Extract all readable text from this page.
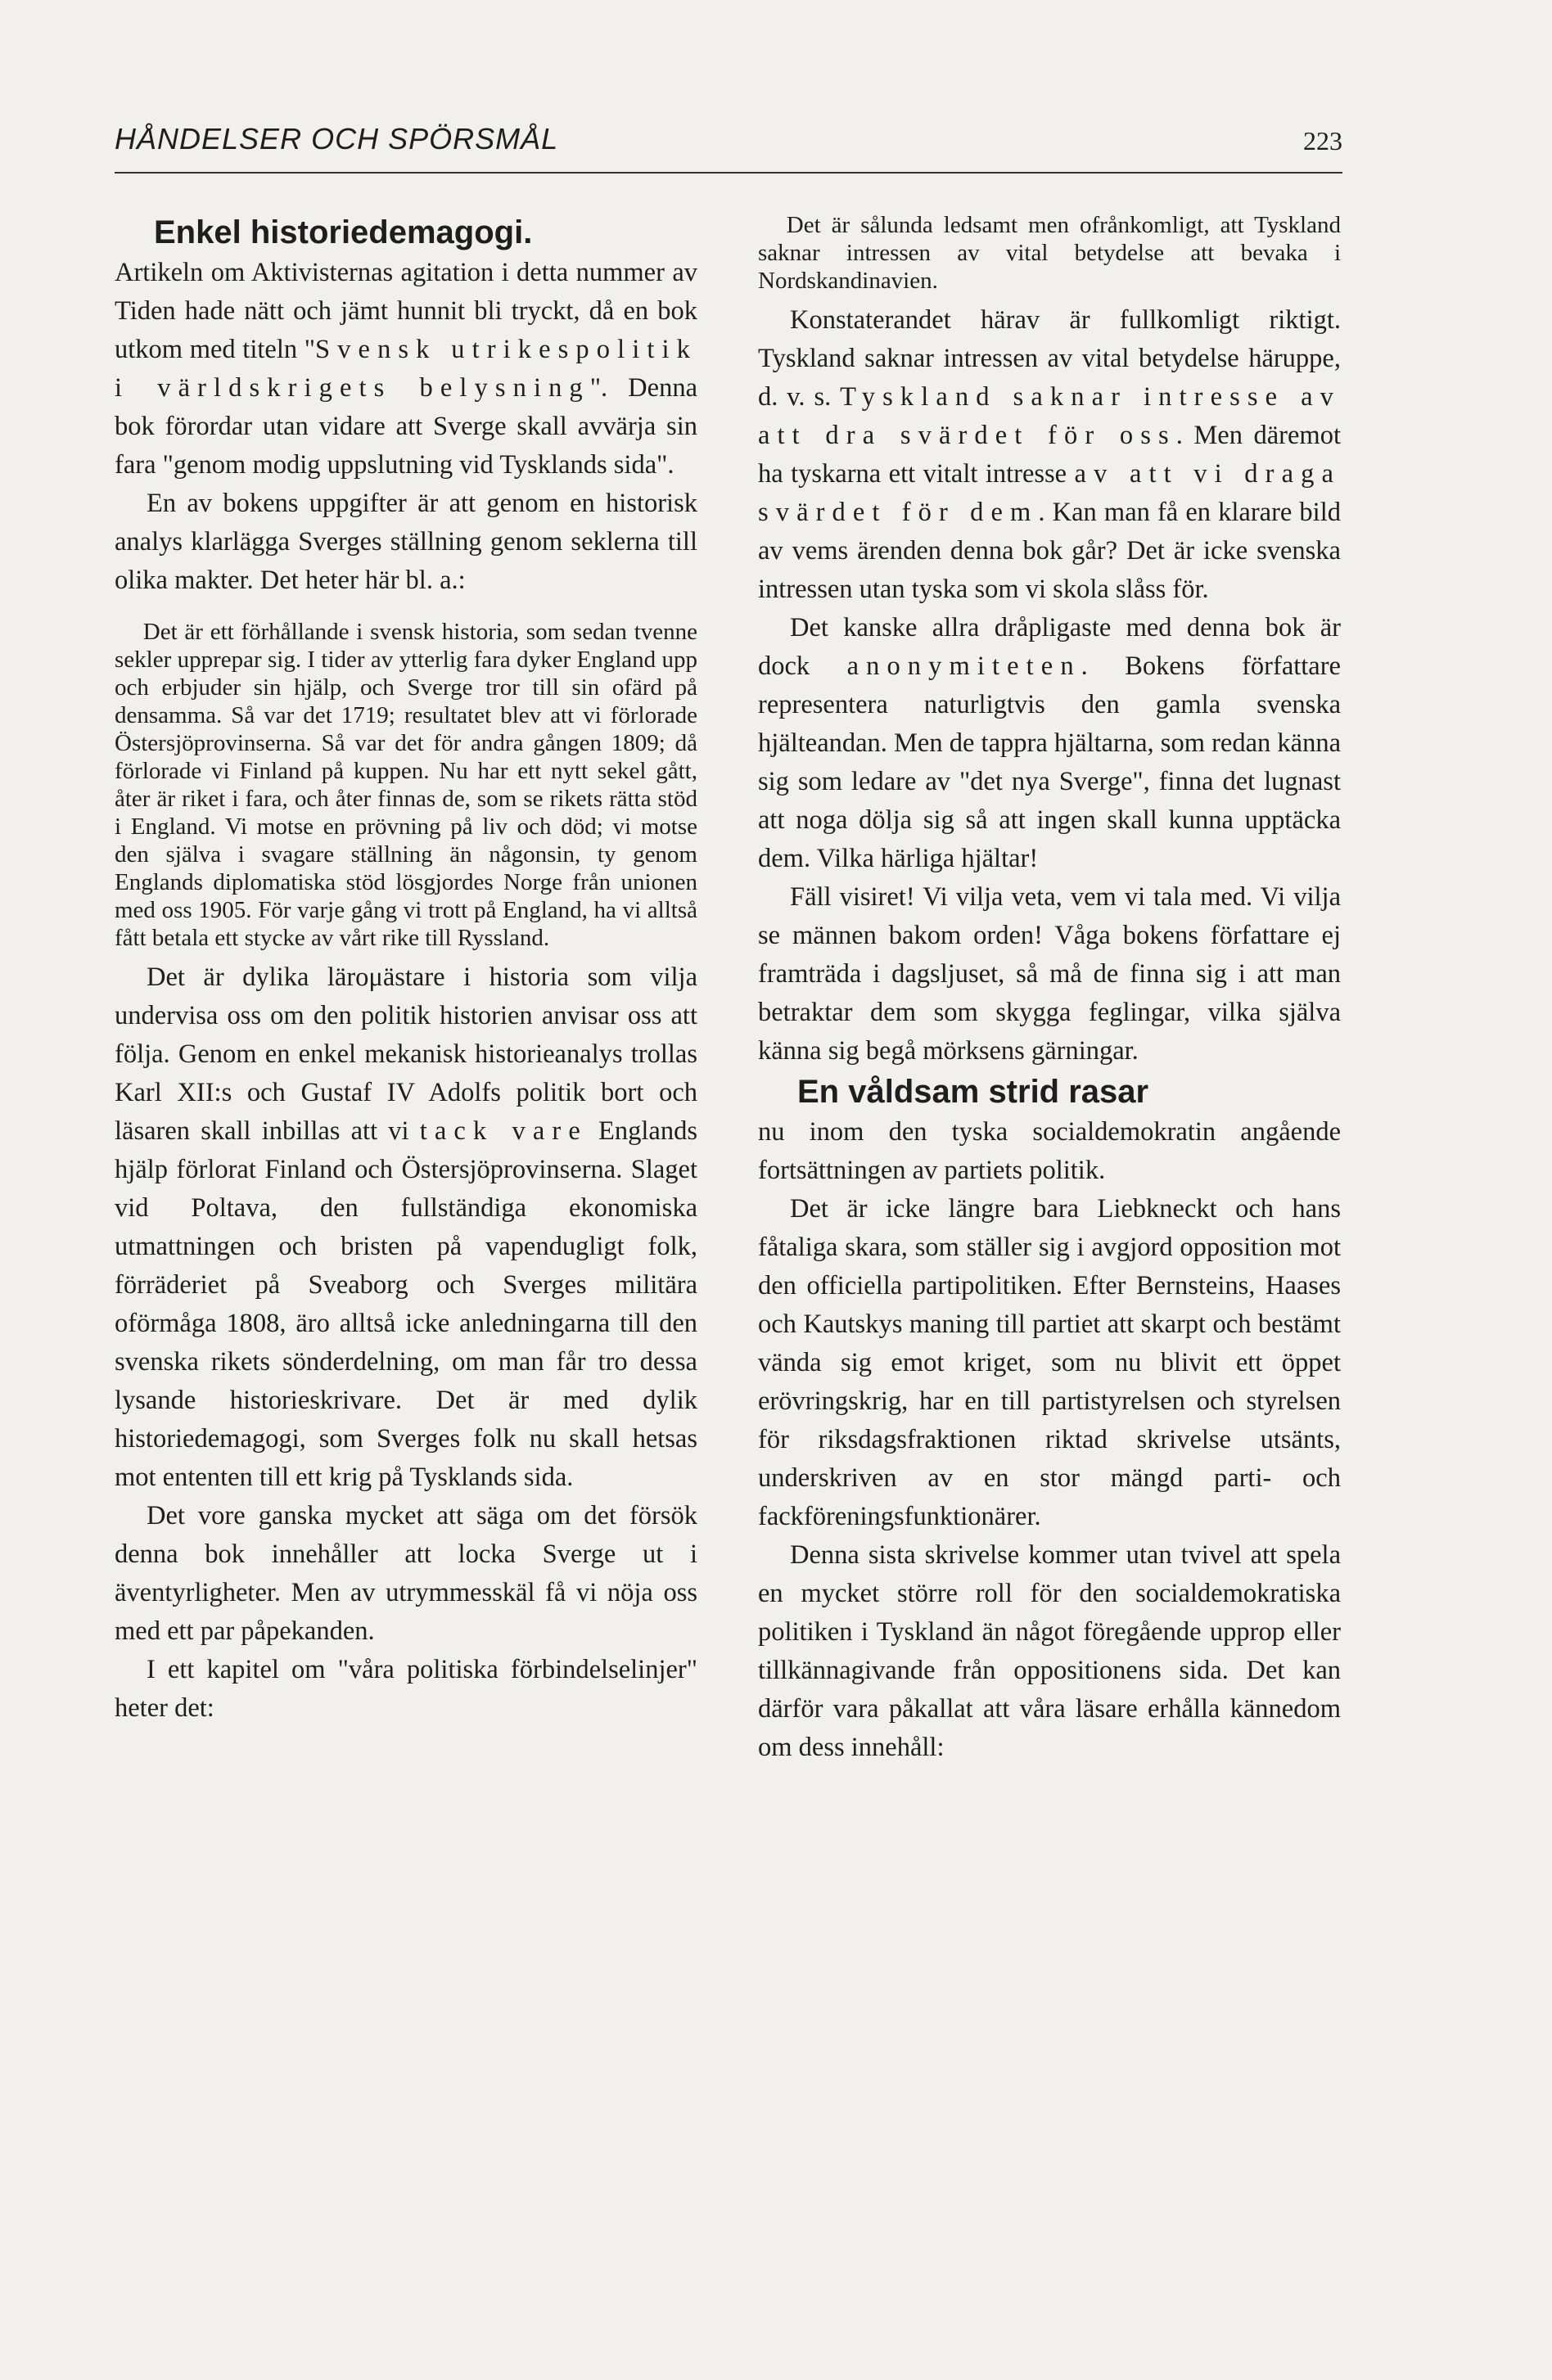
HÅNDELSER OCH SPÖRSMÅL	223

Enkel historiedemagogi.

Artikeln om Aktivisternas agitation i detta nummer av Tiden hade nätt och jämt hunnit bli tryckt, då en bok utkom med titeln "Svensk utrikespolitik i världskrigets belysning". Denna bok förordar utan vidare att Sverge skall avvärja sin fara "genom modig uppslutning vid Tysklands sida".

En av bokens uppgifter är att genom en historisk analys klarlägga Sverges ställning genom seklerna till olika makter. Det heter här bl. a.:

Det är ett förhållande i svensk historia, som sedan tvenne sekler upprepar sig. I tider av ytterlig fara dyker England upp och erbjuder sin hjälp, och Sverge tror till sin ofärd på densamma. Så var det 1719; resultatet blev att vi förlorade Östersjöprovinserna. Så var det för andra gången 1809; då förlorade vi Finland på kuppen. Nu har ett nytt sekel gått, åter är riket i fara, och åter finnas de, som se rikets rätta stöd i England. Vi motse en prövning på liv och död; vi motse den själva i svagare ställning än någonsin, ty genom Englands diplomatiska stöd lösgjordes Norge från unionen med oss 1905. För varje gång vi trott på England, ha vi alltså fått betala ett stycke av vårt rike till Ryssland.

Det är dylika lärομästare i historia som vilja undervisa oss om den politik historien anvisar oss att följa. Genom en enkel mekanisk historieanalys trollas Karl XII:s och Gustaf IV Adolfs politik bort och läsaren skall inbillas att vi tack vare Englands hjälp förlorat Finland och Östersjöprovinserna. Slaget vid Poltava, den fullständiga ekonomiska utmattningen och bristen på vapendugligt folk, förräderiet på Sveaborg och Sverges militära oförmåga 1808, äro alltså icke anledningarna till den svenska rikets sönderdelning, om man får tro dessa lysande historieskrivare. Det är med dylik historiedemagogi, som Sverges folk nu skall hetsas mot ententen till ett krig på Tysklands sida.

Det vore ganska mycket att säga om det försök denna bok innehåller att locka Sverge ut i äventyrligheter. Men av utrymmesskäl få vi nöja oss med ett par påpekanden.

I ett kapitel om "våra politiska förbindelselinjer" heter det:

Det är sålunda ledsamt men ofrånkomligt, att Tyskland saknar intressen av vital betydelse att bevaka i Nordskandinavien.

Konstaterandet härav är fullkomligt riktigt. Tyskland saknar intressen av vital betydelse häruppe, d. v. s. Tyskland saknar intresse av att dra svärdet för oss. Men däremot ha tyskarna ett vitalt intresse av att vi draga svärdet för dem. Kan man få en klarare bild av vems ärenden denna bok går? Det är icke svenska intressen utan tyska som vi skola slåss för.

Det kanske allra dråpligaste med denna bok är dock anonymiteten. Bokens författare representera naturligtvis den gamla svenska hjälteandan. Men de tappra hjältarna, som redan känna sig som ledare av "det nya Sverge", finna det lugnast att noga dölja sig så att ingen skall kunna upptäcka dem. Vilka härliga hjältar!

Fäll visiret! Vi vilja veta, vem vi tala med. Vi vilja se männen bakom orden! Våga bokens författare ej framträda i dagsljuset, så må de finna sig i att man betraktar dem som skygga feglingar, vilka själva känna sig begå mörksens gärningar.

En våldsam strid rasar

nu inom den tyska socialdemokratin angående fortsättningen av partiets politik.

Det är icke längre bara Liebkneckt och hans fåtaliga skara, som ställer sig i avgjord opposition mot den officiella partipolitiken. Efter Bernsteins, Haases och Kautskys maning till partiet att skarpt och bestämt vända sig emot kriget, som nu blivit ett öppet erövringskrig, har en till partistyrelsen och styrelsen för riksdagsfraktionen riktad skrivelse utsänts, underskriven av en stor mängd parti- och fackföreningsfunktionärer.

Denna sista skrivelse kommer utan tvivel att spela en mycket större roll för den socialdemokratiska politiken i Tyskland än något föregående upprop eller tillkännagivande från oppositionens sida. Det kan därför vara påkallat att våra läsare erhålla kännedom om dess innehåll:
